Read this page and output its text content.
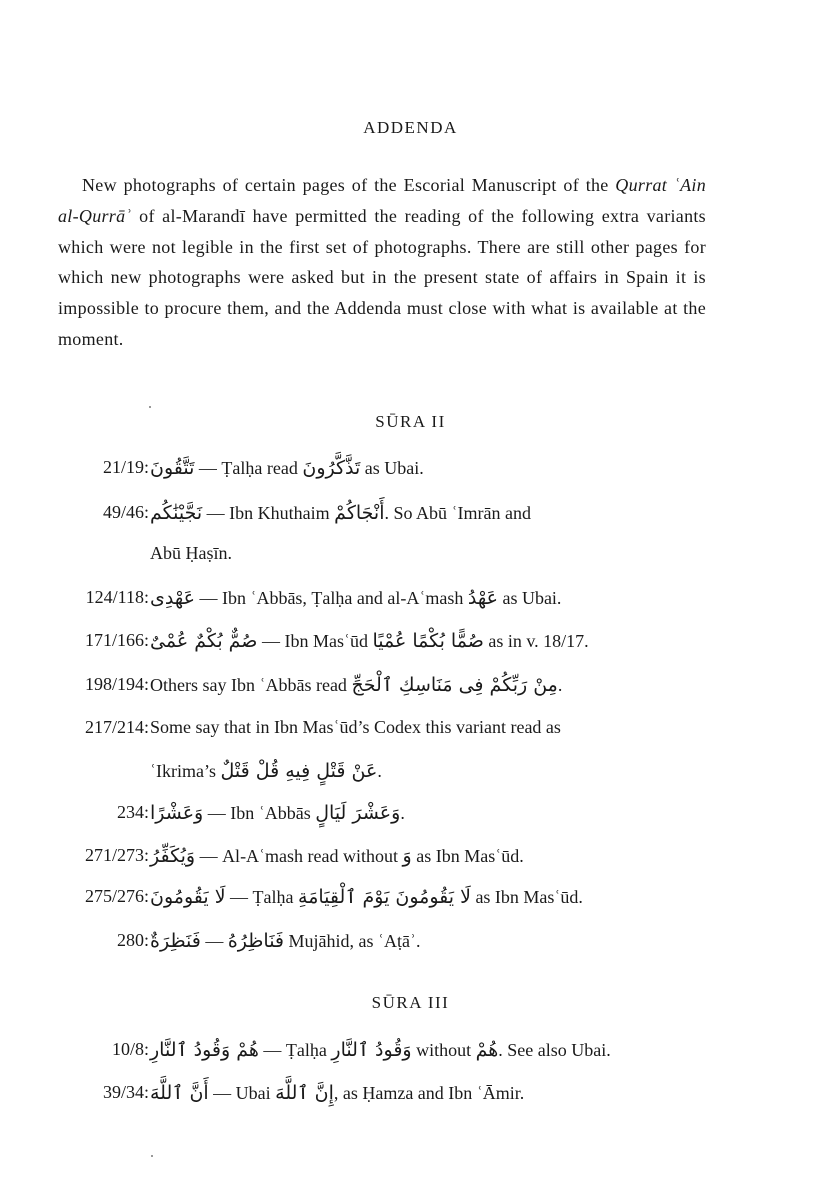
ADDENDA

New photographs of certain pages of the Escorial Manuscript of the Qurrat ʿAin al-Qurrāʾ of al-Marandī have permitted the reading of the following extra variants which were not legible in the first set of photographs. There are still other pages for which new photographs were asked but in the present state of affairs in Spain it is impossible to procure them, and the Addenda must close with what is available at the moment.

SŪRA II
21/19: تَتَّقُونَ — Ṭalḥa read تَذَّكَّرُونَ as Ubai.
49/46: نَجَّيْنَٰكُم — Ibn Khuthaim أَنْجَاكُمْ. So Abū ʿImrān and
Abū Ḥaṣīn.
124/118: عَهْدِى — Ibn ʿAbbās, Ṭalḥa and al-Aʿmash عَهْدُ as Ubai.
171/166: صُمٌّ بُكْمٌ عُمْىٌ — Ibn Masʿūd صُمًّا بُكْمًا عُمْيًا as in v. 18/17.
198/194: Others say Ibn ʿAbbās read مِنْ رَبِّكُمْ فِى مَنَاسِكِ ٱلْحَجِّ.
217/214: Some say that in Ibn Masʿūd’s Codex this variant read as
ʿIkrima’s عَنْ قَتْلٍ فِيهِ قُلْ قَتْلٌ.
234: وَعَشْرًا — Ibn ʿAbbās وَعَشْرَ لَيَالٍ.
271/273: وَيُكَفِّرُ — Al-Aʿmash read without وَ as Ibn Masʿūd.
275/276: لَا يَقُومُونَ — Ṭalḥa لَا يَقُومُونَ يَوْمَ ٱلْقِيَامَةِ as Ibn Masʿūd.
280: فَنَظِرَةٌ — فَنَاظِرُهُ Mujāhid, as ʿAṭāʾ.
SŪRA III
10/8: هُمْ وَقُودُ ٱلنَّارِ — Ṭalḥa وَقُودُ ٱلنَّارِ without هُمْ. See also Ubai.
39/34: أَنَّ ٱللَّهَ — Ubai إِنَّ ٱللَّهَ, as Ḥamza and Ibn ʿĀmir.
